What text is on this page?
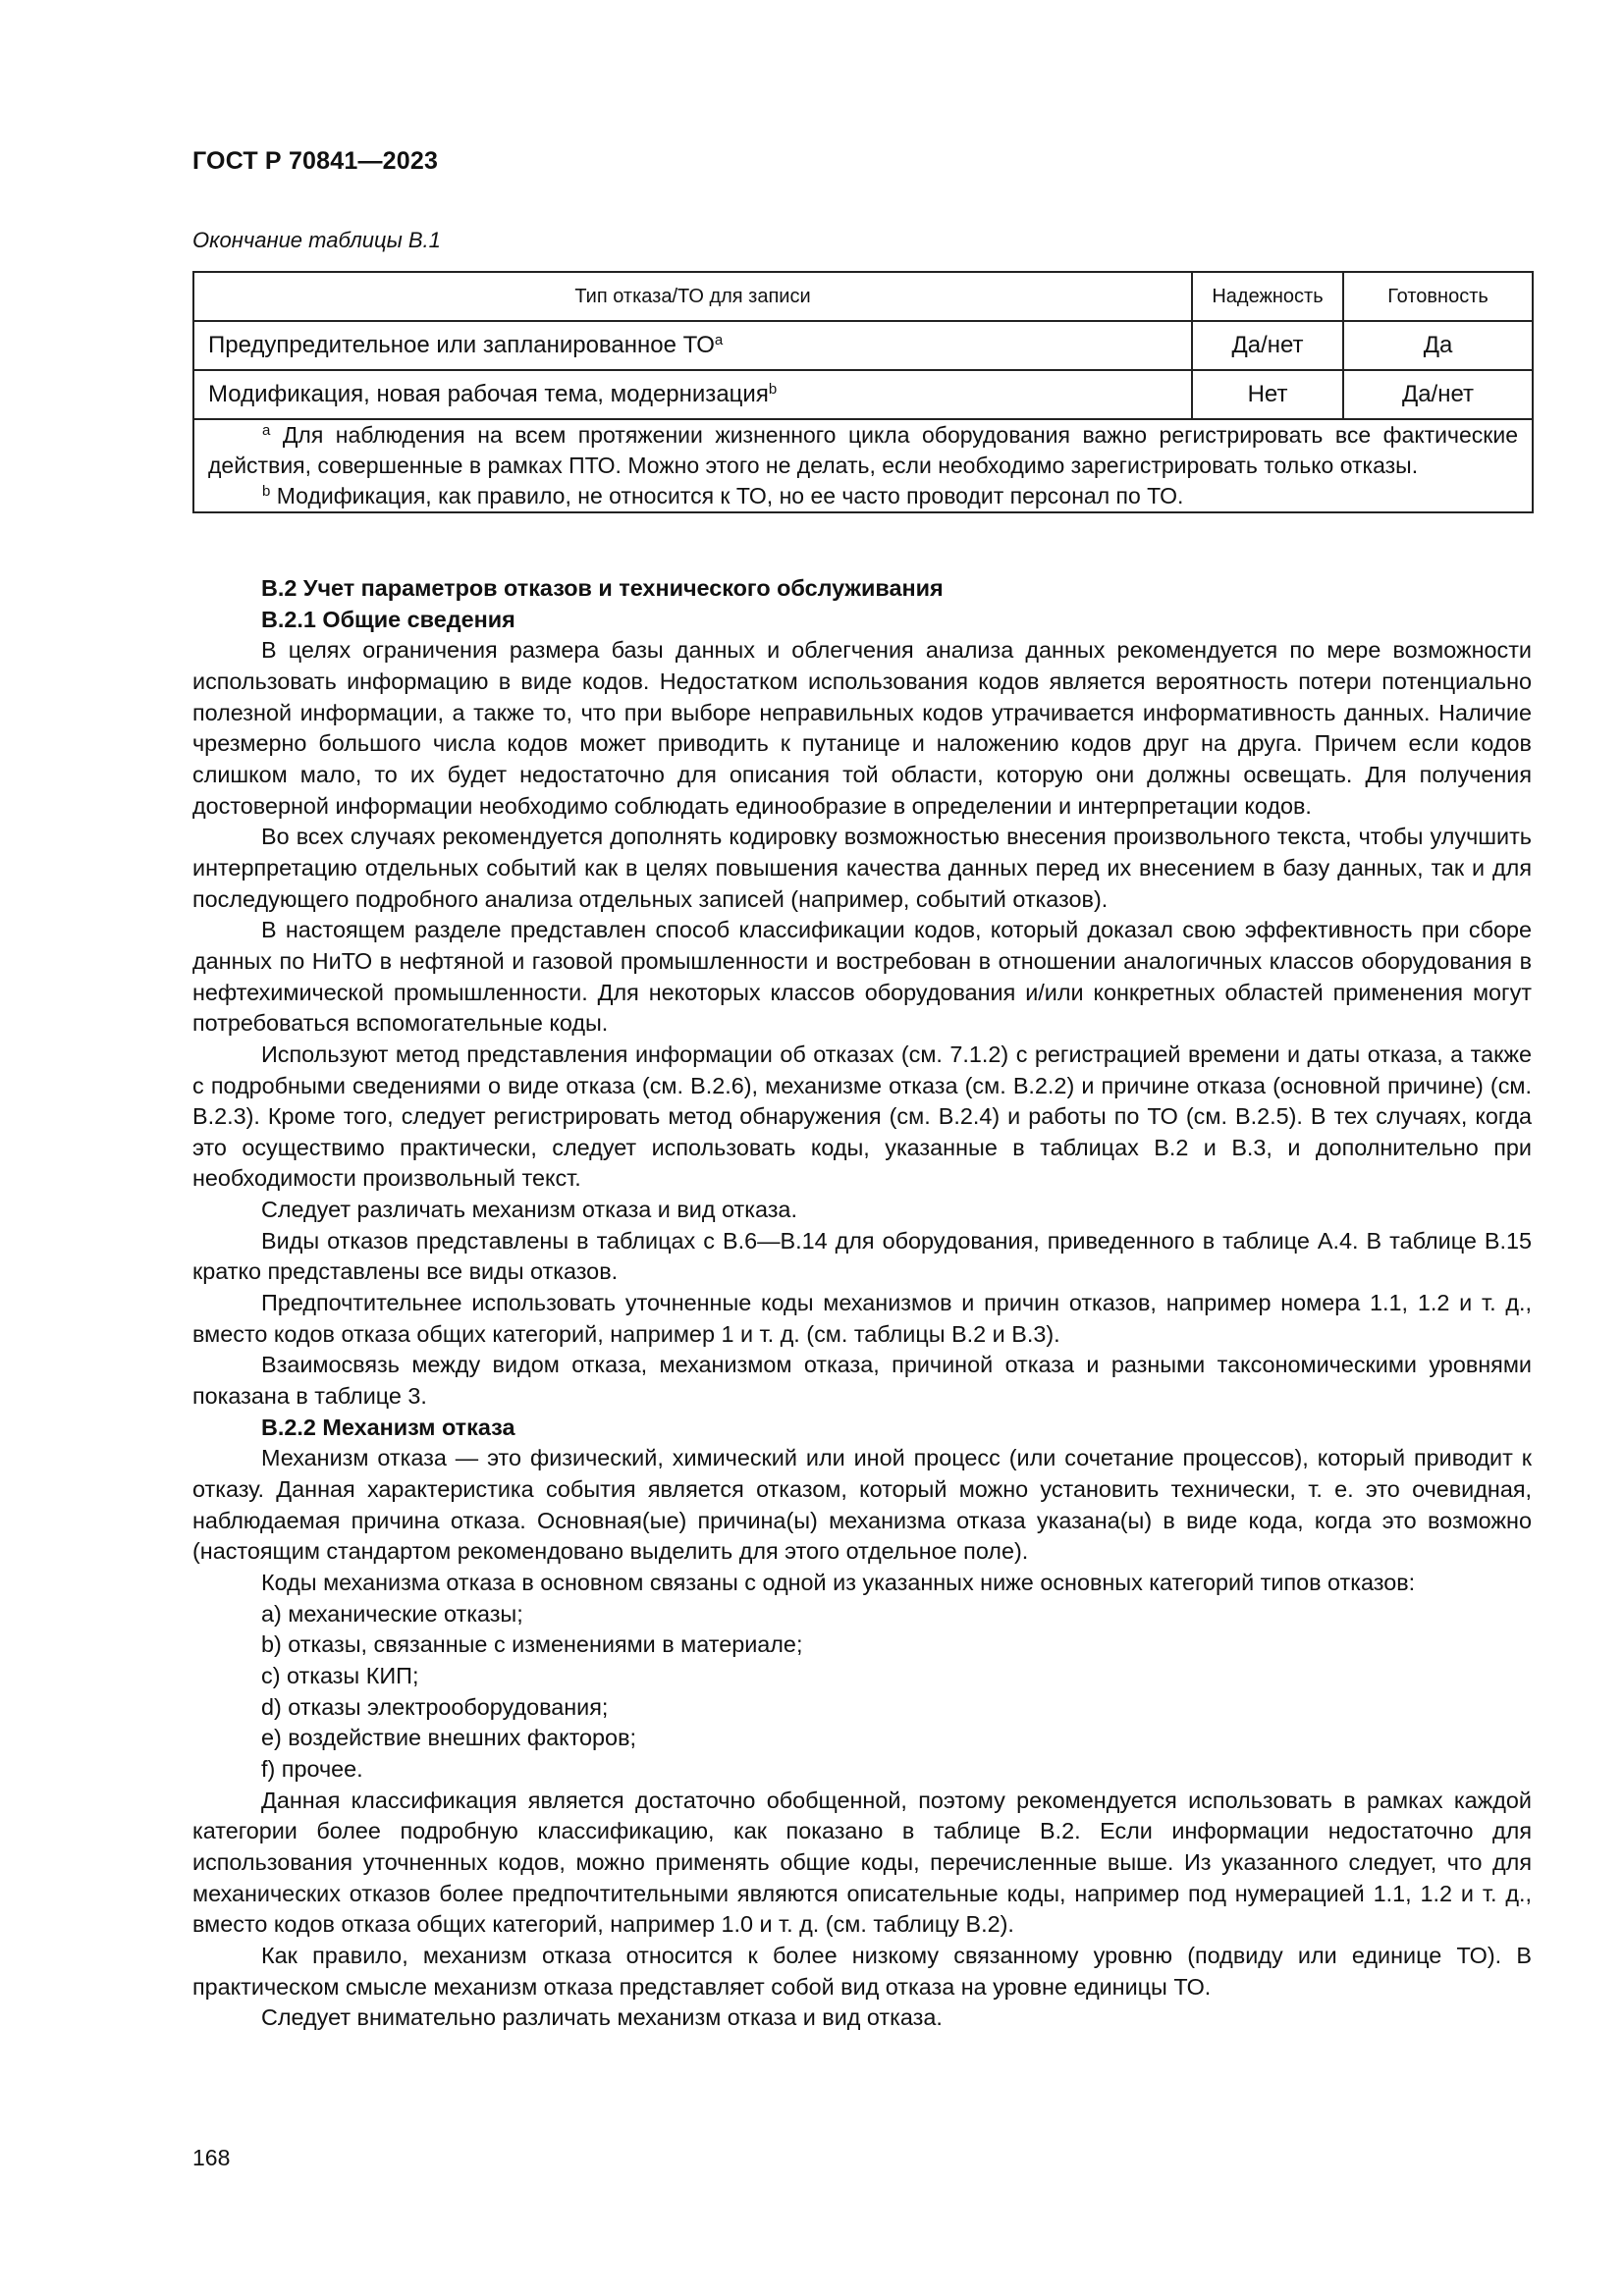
ГОСТ Р 70841—2023
Окончание таблицы В.1
Тип отказа/ТО для записи	Надежность	Готовность
Предупредительное или запланированное $ТО^a$	Да/нет	Да
Модификация, новая рабочая тема, модернизация$^b$	Нет	Да/нет

$^a$ Для наблюдения на всем протяжении жизненного цикла оборудования важно регистрировать все фактические действия, совершенные в рамках ПТО. Можно этого не делать, если необходимо зарегистрировать только отказы.

$^b$ Модификация, как правило, не относится к ТО, но ее часто проводит персонал по ТО.		

В.2 Учет параметров отказов и технического обслуживания

В.2.1 Общие сведения

В целях ограничения размера базы данных и облегчения анализа данных рекомендуется по мере возможности использовать информацию в виде кодов. Недостатком использования кодов является вероятность потери потенциально полезной информации, а также то, что при выборе неправильных кодов утрачивается информативность данных. Наличие чрезмерно большого числа кодов может приводить к путанице и наложению кодов друг на друга. Причем если кодов слишком мало, то их будет недостаточно для описания той области, которую они должны освещать. Для получения достоверной информации необходимо соблюдать единообразие в определении и интерпретации кодов.

Во всех случаях рекомендуется дополнять кодировку возможностью внесения произвольного текста, чтобы улучшить интерпретацию отдельных событий как в целях повышения качества данных перед их внесением в базу данных, так и для последующего подробного анализа отдельных записей (например, событий отказов).

В настоящем разделе представлен способ классификации кодов, который доказал свою эффективность при сборе данных по НиТО в нефтяной и газовой промышленности и востребован в отношении аналогичных классов оборудования в нефтехимической промышленности. Для некоторых классов оборудования и/или конкретных областей применения могут потребоваться вспомогательные коды.

Используют метод представления информации об отказах (см. 7.1.2) с регистрацией времени и даты отказа, а также с подробными сведениями о виде отказа (см. В.2.6), механизме отказа (см. В.2.2) и причине отказа (основной причине) (см. В.2.3). Кроме того, следует регистрировать метод обнаружения (см. В.2.4) и работы по ТО (см. В.2.5). В тех случаях, когда это осуществимо практически, следует использовать коды, указанные в таблицах В.2 и В.3, и дополнительно при необходимости произвольный текст.

Следует различать механизм отказа и вид отказа.

Виды отказов представлены в таблицах с В.6—В.14 для оборудования, приведенного в таблице А.4. В таблице В.15 кратко представлены все виды отказов.

Предпочтительнее использовать уточненные коды механизмов и причин отказов, например номера 1.1, 1.2 и т. д., вместо кодов отказа общих категорий, например 1 и т. д. (см. таблицы В.2 и В.3).

Взаимосвязь между видом отказа, механизмом отказа, причиной отказа и разными таксономическими уровнями показана в таблице 3.

В.2.2 Механизм отказа

Механизм отказа — это физический, химический или иной процесс (или сочетание процессов), который приводит к отказу. Данная характеристика события является отказом, который можно установить технически, т. е. это очевидная, наблюдаемая причина отказа. Основная(ые) причина(ы) механизма отказа указана(ы) в виде кода, когда это возможно (настоящим стандартом рекомендовано выделить для этого отдельное поле).

Коды механизма отказа в основном связаны с одной из указанных ниже основных категорий типов отказов:

a) механические отказы;

b) отказы, связанные с изменениями в материале;

c) отказы КИП;

d) отказы электрооборудования;

e) воздействие внешних факторов;

f) прочее.

Данная классификация является достаточно обобщенной, поэтому рекомендуется использовать в рамках каждой категории более подробную классификацию, как показано в таблице В.2. Если информации недостаточно для использования уточненных кодов, можно применять общие коды, перечисленные выше. Из указанного следует, что для механических отказов более предпочтительными являются описательные коды, например под нумерацией 1.1, 1.2 и т. д., вместо кодов отказа общих категорий, например 1.0 и т. д. (см. таблицу В.2).

Как правило, механизм отказа относится к более низкому связанному уровню (подвиду или единице ТО). В практическом смысле механизм отказа представляет собой вид отказа на уровне единицы ТО.

Следует внимательно различать механизм отказа и вид отказа.

168
